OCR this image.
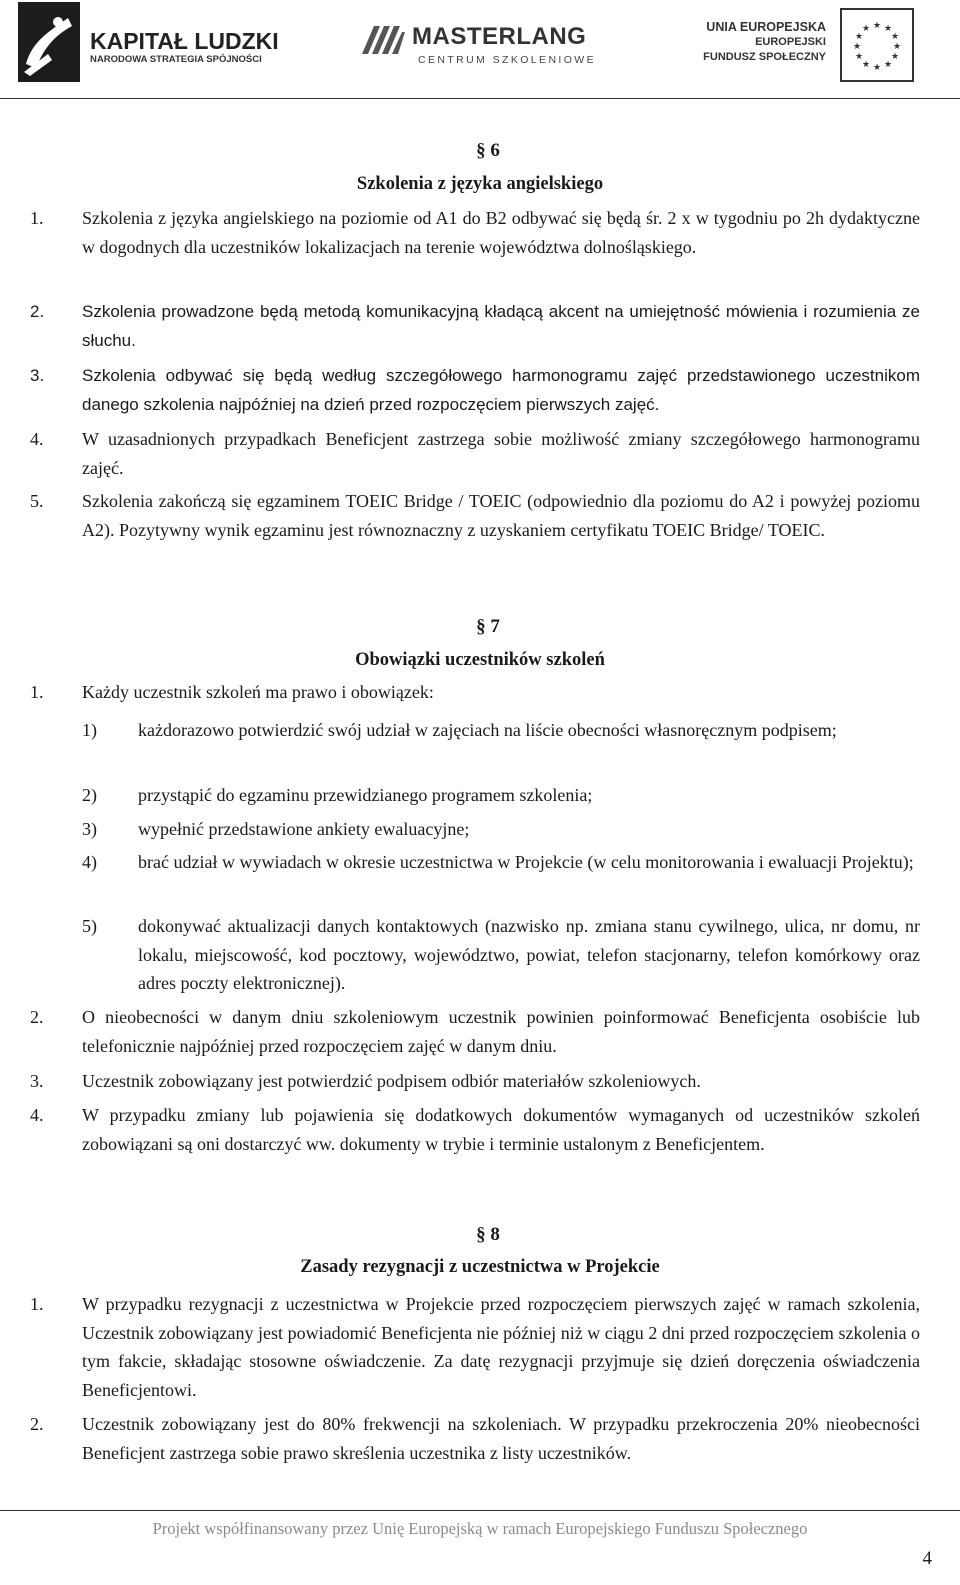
KAPITAŁ LUDZKI
NARODOWA STRATEGIA SPÓJNOŚCI
MASTERLANG
CENTRUM SZKOLENIOWE
UNIA EUROPEJSKA
EUROPEJSKI
FUNDUSZ SPOŁECZNY
★ ★
★
★
★
★
★
★
★
★
★
★
§ 6
Szkolenia z języka angielskiego
1.	Szkolenia z języka angielskiego na poziomie od A1 do B2 odbywać się będą śr. 2 x w tygodniu po 2h dydaktyczne w dogodnych dla uczestników lokalizacjach na terenie województwa dolnośląskiego.
2.	Szkolenia prowadzone będą metodą komunikacyjną kładącą akcent na umiejętność mówienia i rozumienia ze słuchu.
3.	Szkolenia odbywać się będą według szczegółowego harmonogramu zajęć przedstawionego uczestnikom danego szkolenia najpóźniej na dzień przed rozpoczęciem pierwszych zajęć.
4.	W uzasadnionych przypadkach Beneficjent zastrzega sobie możliwość zmiany szczegółowego harmonogramu zajęć.
5.	Szkolenia zakończą się egzaminem TOEIC Bridge / TOEIC (odpowiednio dla poziomu do A2 i powyżej poziomu A2). Pozytywny wynik egzaminu jest równoznaczny z uzyskaniem certyfikatu TOEIC Bridge/ TOEIC.
§ 7
Obowiązki uczestników szkoleń
1.	Każdy uczestnik szkoleń ma prawo i obowiązek:
1)	każdorazowo potwierdzić swój udział w zajęciach na liście obecności własnoręcznym podpisem;
2)	przystąpić do egzaminu przewidzianego programem szkolenia;
3)	wypełnić przedstawione ankiety ewaluacyjne;
4)	brać udział w wywiadach w okresie uczestnictwa w Projekcie (w celu monitorowania i ewaluacji Projektu);
5)	dokonywać aktualizacji danych kontaktowych (nazwisko np. zmiana stanu cywilnego, ulica, nr domu, nr lokalu, miejscowość, kod pocztowy, województwo, powiat, telefon stacjonarny, telefon komórkowy oraz adres poczty elektronicznej).
2.	O nieobecności w danym dniu szkoleniowym uczestnik powinien poinformować Beneficjenta osobiście lub telefonicznie najpóźniej przed rozpoczęciem zajęć w danym dniu.
3.	Uczestnik zobowiązany jest potwierdzić podpisem odbiór materiałów szkoleniowych.
4.	W przypadku zmiany lub pojawienia się dodatkowych dokumentów wymaganych od uczestników szkoleń zobowiązani są oni dostarczyć ww. dokumenty w trybie i terminie ustalonym z Beneficjentem.
§ 8
Zasady rezygnacji z uczestnictwa w Projekcie
1.	W przypadku rezygnacji z uczestnictwa w Projekcie przed rozpoczęciem pierwszych zajęć w ramach szkolenia, Uczestnik zobowiązany jest powiadomić Beneficjenta nie później niż w ciągu 2 dni przed rozpoczęciem szkolenia o tym fakcie, składając stosowne oświadczenie. Za datę rezygnacji przyjmuje się dzień doręczenia oświadczenia Beneficjentowi.
2.	Uczestnik zobowiązany jest do 80% frekwencji na szkoleniach. W przypadku przekroczenia 20% nieobecności Beneficjent zastrzega sobie prawo skreślenia uczestnika z listy uczestników.
Projekt współfinansowany przez Unię Europejską w ramach Europejskiego Funduszu Społecznego
4
